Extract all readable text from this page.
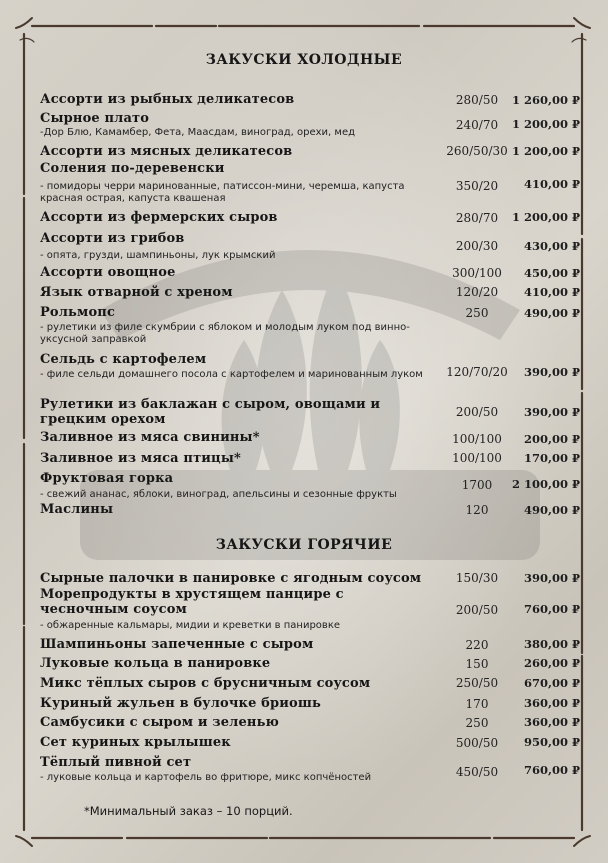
ЗАКУСКИ ХОЛОДНЫЕ
Ассорти из рыбных деликатесов	280/50	1 260,00 ₽
Сырное плато
-Дор Блю, Камамбер, Фета, Маасдам, виноград, орехи, мед
240/70	1 200,00 ₽
Ассорти из мясных деликатесов	260/50/30 1 200,00 ₽
Соления по-деревенски
- помидоры черри маринованные, патиссон-мини, черемша, капуста красная острая, капуста квашеная
350/20	410,00 ₽
Ассорти из фермерских сыров	280/70	1 200,00 ₽
Ассорти из грибов
- опята, грузди, шампиньоны, лук крымский
200/30	430,00 ₽
Ассорти овощное	300/100	450,00 ₽
Язык отварной с хреном	120/20	410,00 ₽
Рольмопс
- рулетики из филе скумбрии с яблоком и молодым луком под винно-уксусной заправкой
250	490,00 ₽
Сельдь с картофелем
- филе сельди домашнего посола с картофелем и маринованным луком	120/70/20	390,00 ₽
Рулетики из баклажан с сыром, овощами и грецким орехом	200/50	390,00 ₽
Заливное из мяса свинины*	100/100	200,00 ₽
Заливное из мяса птицы*	100/100	170,00 ₽
Фруктовая горка
- свежий ананас, яблоки, виноград, апельсины и сезонные фрукты
1700	2 100,00 ₽
Маслины	120	490,00 ₽
ЗАКУСКИ ГОРЯЧИЕ
Сырные палочки в панировке с ягодным соусом	150/30	390,00 ₽
Морепродукты в хрустящем панцире с чесночным соусом
- обжаренные кальмары, мидии и креветки в панировке
200/50	760,00 ₽
Шампиньоны запеченные с сыром	220	380,00 ₽
Луковые кольца в панировке	150	260,00 ₽
Микс тёплых сыров с брусничным соусом	250/50	670,00 ₽
Куриный жульен в булочке бриошь	170	360,00 ₽
Самбусики с сыром и зеленью	250	360,00 ₽
Сет куриных крылышек	500/50	950,00 ₽
Тёплый пивной сет
- луковые кольца и картофель во фритюре, микс копчёностей	450/50	760,00 ₽
*Минимальный заказ – 10 порций.
